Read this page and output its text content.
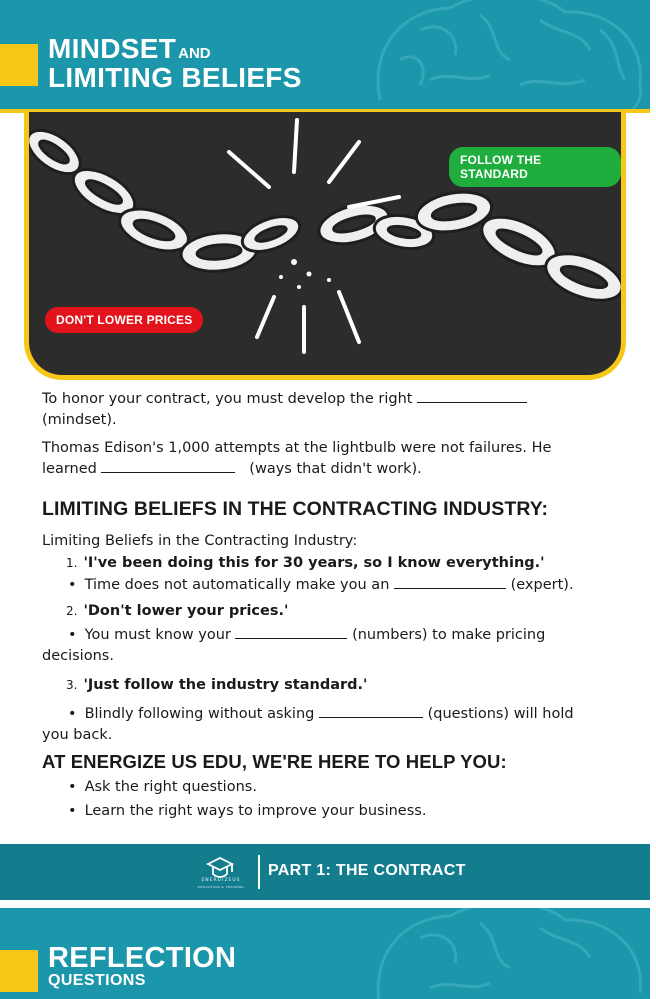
MINDSET AND
LIMITING BELIEFS
FOLLOW THE STANDARD
DON'T LOWER PRICES
To honor your contract, you must develop the right
(mindset).
Thomas Edison's 1,000 attempts at the lightbulb were not failures. He
learned	(ways that didn't work).
LIMITING BELIEFS IN THE CONTRACTING INDUSTRY:
Limiting Beliefs in the Contracting Industry:
1. 'I've been doing this for 30 years, so I know everything.'
• Time does not automatically make you an	(expert).
2. 'Don't lower your prices.'
• You must know your	(numbers) to make pricing
decisions.
3. 'Just follow the industry standard.'
• Blindly following without asking	(questions) will hold
you back.
AT ENERGIZE US EDU, WE'RE HERE TO HELP YOU:
• Ask the right questions.
• Learn the right ways to improve your business.
ENERGIZEUS
EDUCATION & TRAINING
PART 1: THE CONTRACT
REFLECTION
QUESTIONS
